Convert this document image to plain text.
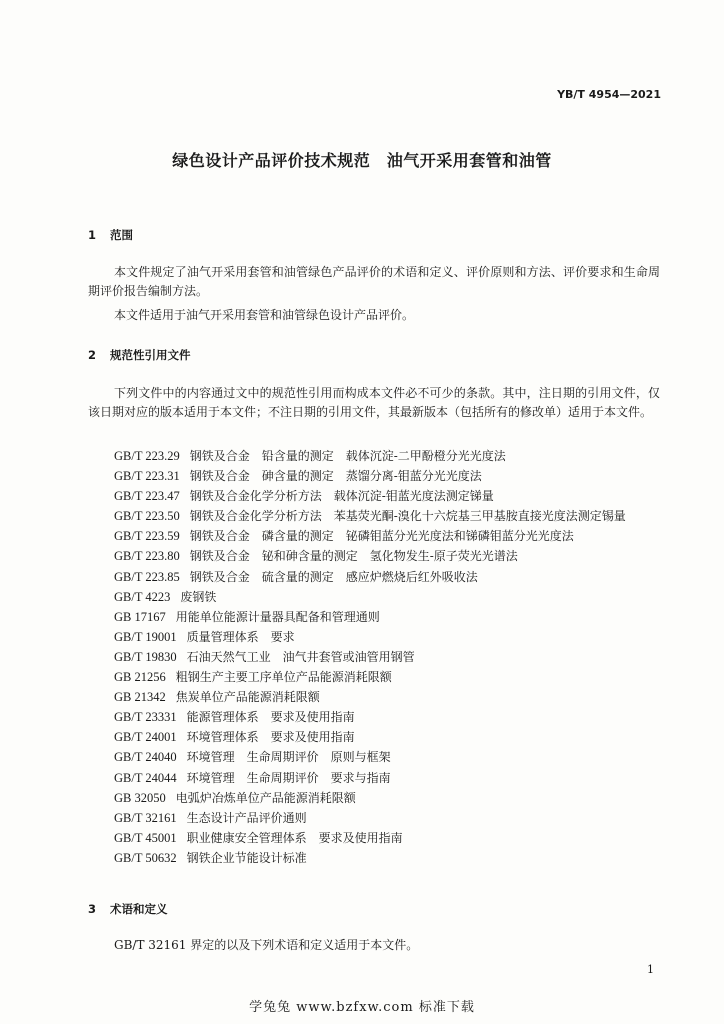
YB/T 4954—2021
绿色设计产品评价技术规范　油气开采用套管和油管
1 范围
本文件规定了油气开采用套管和油管绿色产品评价的术语和定义、评价原则和方法、评价要求和生命周期评价报告编制方法。
本文件适用于油气开采用套管和油管绿色设计产品评价。
2 规范性引用文件
下列文件中的内容通过文中的规范性引用而构成本文件必不可少的条款。其中，注日期的引用文件，仅该日期对应的版本适用于本文件；不注日期的引用文件，其最新版本（包括所有的修改单）适用于本文件。
GB/T 223.29 钢铁及合金　铅含量的测定　载体沉淀-二甲酚橙分光光度法
GB/T 223.31 钢铁及合金　砷含量的测定　蒸馏分离-钼蓝分光光度法
GB/T 223.47 钢铁及合金化学分析方法　载体沉淀-钼蓝光度法测定锑量
GB/T 223.50 钢铁及合金化学分析方法　苯基荧光酮-溴化十六烷基三甲基胺直接光度法测定锡量
GB/T 223.59 钢铁及合金　磷含量的测定　铋磷钼蓝分光光度法和锑磷钼蓝分光光度法
GB/T 223.80 钢铁及合金　铋和砷含量的测定　氢化物发生-原子荧光光谱法
GB/T 223.85 钢铁及合金　硫含量的测定　感应炉燃烧后红外吸收法
GB/T 4223 废钢铁
GB 17167 用能单位能源计量器具配备和管理通则
GB/T 19001 质量管理体系　要求
GB/T 19830 石油天然气工业　油气井套管或油管用钢管
GB 21256 粗钢生产主要工序单位产品能源消耗限额
GB 21342 焦炭单位产品能源消耗限额
GB/T 23331 能源管理体系　要求及使用指南
GB/T 24001 环境管理体系　要求及使用指南
GB/T 24040 环境管理　生命周期评价　原则与框架
GB/T 24044 环境管理　生命周期评价　要求与指南
GB 32050 电弧炉冶炼单位产品能源消耗限额
GB/T 32161 生态设计产品评价通则
GB/T 45001 职业健康安全管理体系　要求及使用指南
GB/T 50632 钢铁企业节能设计标准
3 术语和定义
GB/T 32161 界定的以及下列术语和定义适用于本文件。
1
学兔兔 www.bzfxw.com 标准下载
